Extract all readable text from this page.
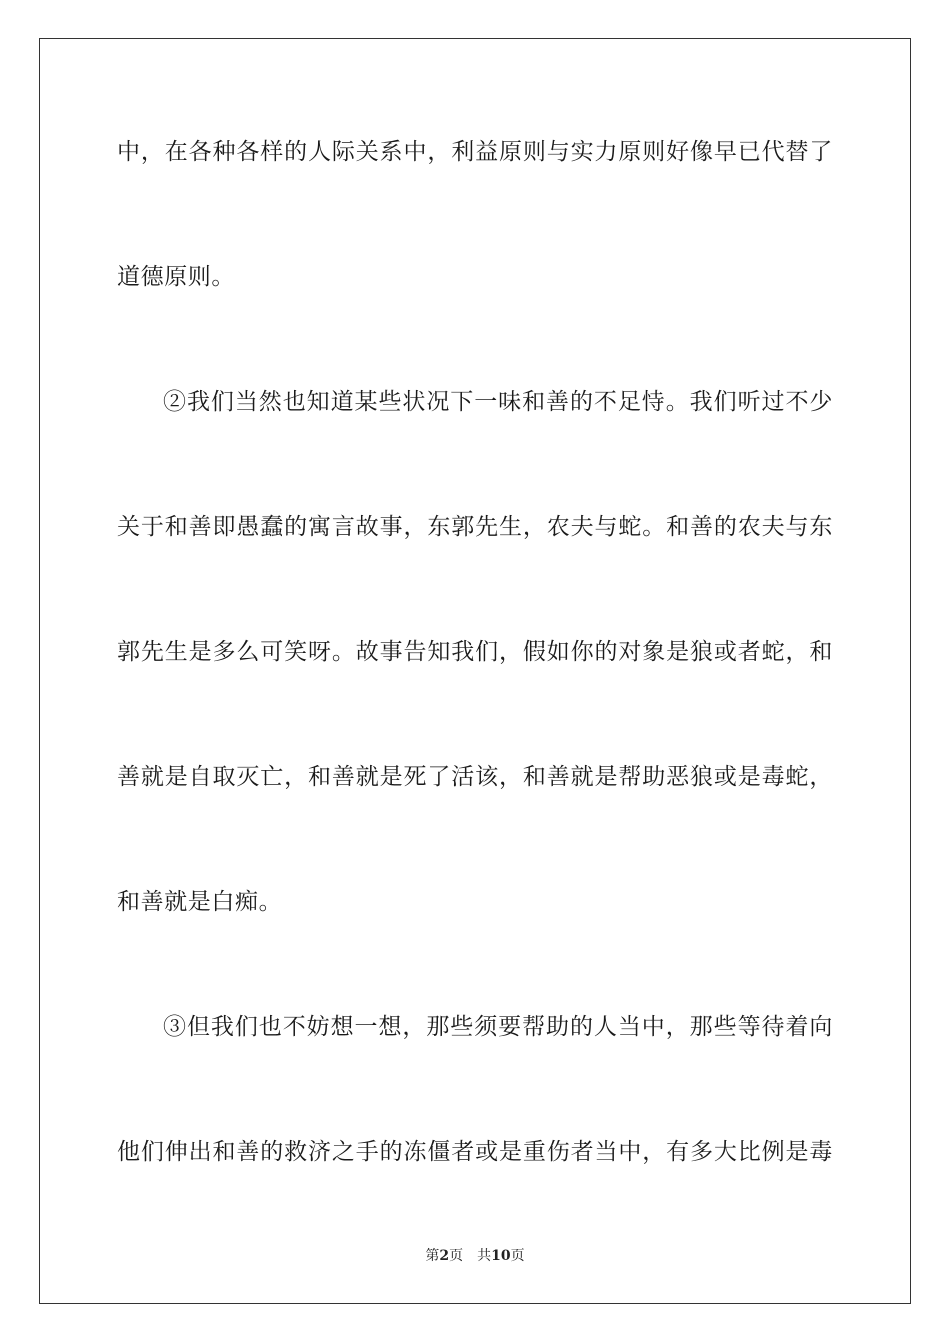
中，在各种各样的人际关系中，利益原则与实力原则好像早已代替了
道德原则。
②我们当然也知道某些状况下一味和善的不足恃。我们听过不少
关于和善即愚蠢的寓言故事，东郭先生，农夫与蛇。和善的农夫与东
郭先生是多么可笑呀。故事告知我们，假如你的对象是狼或者蛇，和
善就是自取灭亡，和善就是死了活该，和善就是帮助恶狼或是毒蛇，
和善就是白痴。
③但我们也不妨想一想，那些须要帮助的人当中，那些等待着向
他们伸出和善的救济之手的冻僵者或是重伤者当中，有多大比例是毒
第2页 共10页
